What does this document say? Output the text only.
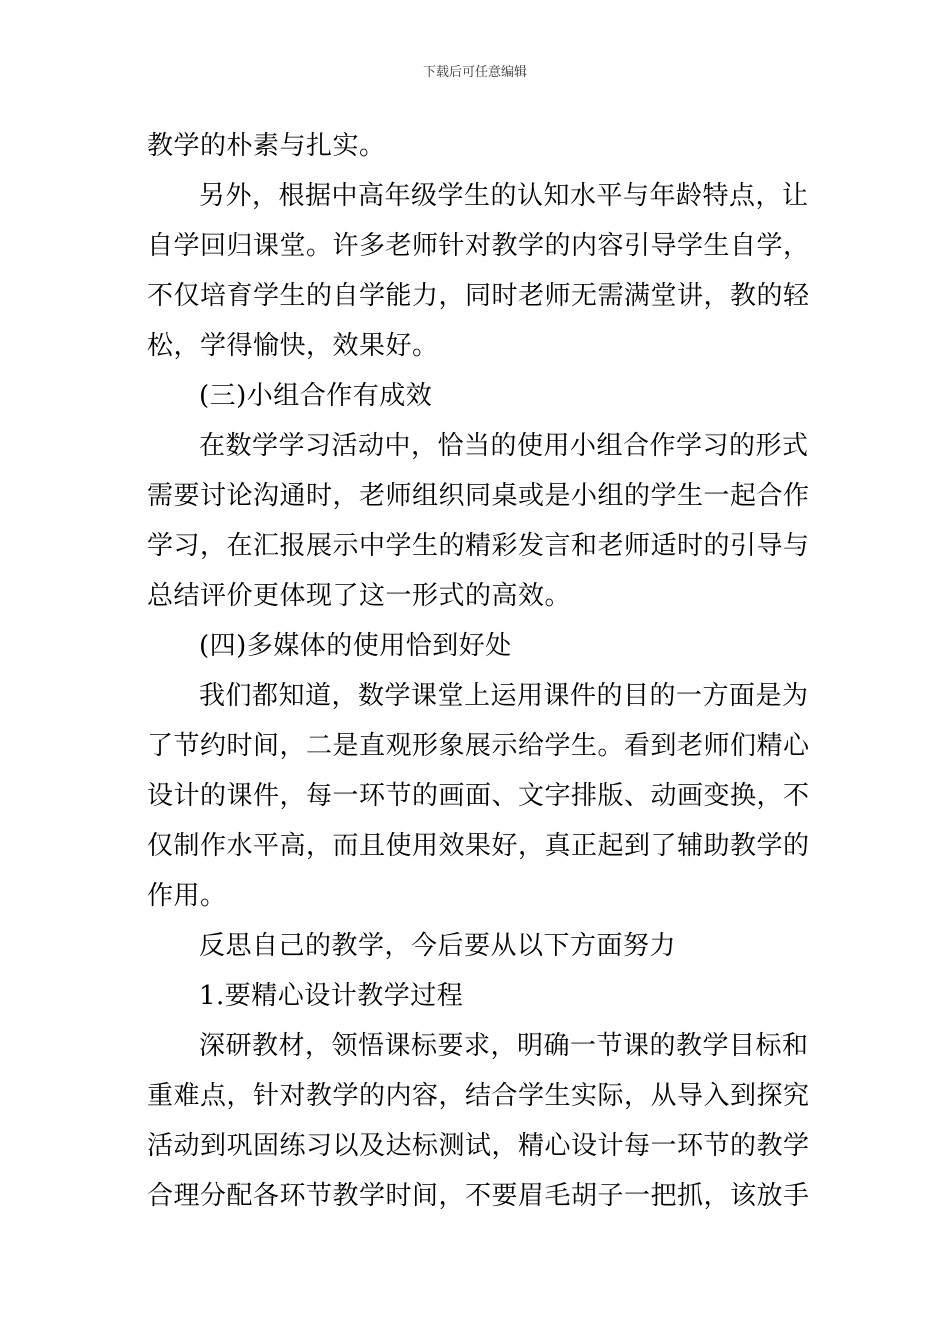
下载后可任意编辑
教学的朴素与扎实。
另外，根据中高年级学生的认知水平与年龄特点，让
自学回归课堂。许多老师针对教学的内容引导学生自学，
不仅培育学生的自学能力，同时老师无需满堂讲，教的轻
松，学得愉快，效果好。
(三)小组合作有成效
在数学学习活动中，恰当的使用小组合作学习的形式
需要讨论沟通时，老师组织同桌或是小组的学生一起合作
学习，在汇报展示中学生的精彩发言和老师适时的引导与
总结评价更体现了这一形式的高效。
(四)多媒体的使用恰到好处
我们都知道，数学课堂上运用课件的目的一方面是为
了节约时间，二是直观形象展示给学生。看到老师们精心
设计的课件，每一环节的画面、文字排版、动画变换，不
仅制作水平高，而且使用效果好，真正起到了辅助教学的
作用。
反思自己的教学，今后要从以下方面努力
1.要精心设计教学过程
深研教材，领悟课标要求，明确一节课的教学目标和
重难点，针对教学的内容，结合学生实际，从导入到探究
活动到巩固练习以及达标测试，精心设计每一环节的教学
合理分配各环节教学时间，不要眉毛胡子一把抓，该放手
